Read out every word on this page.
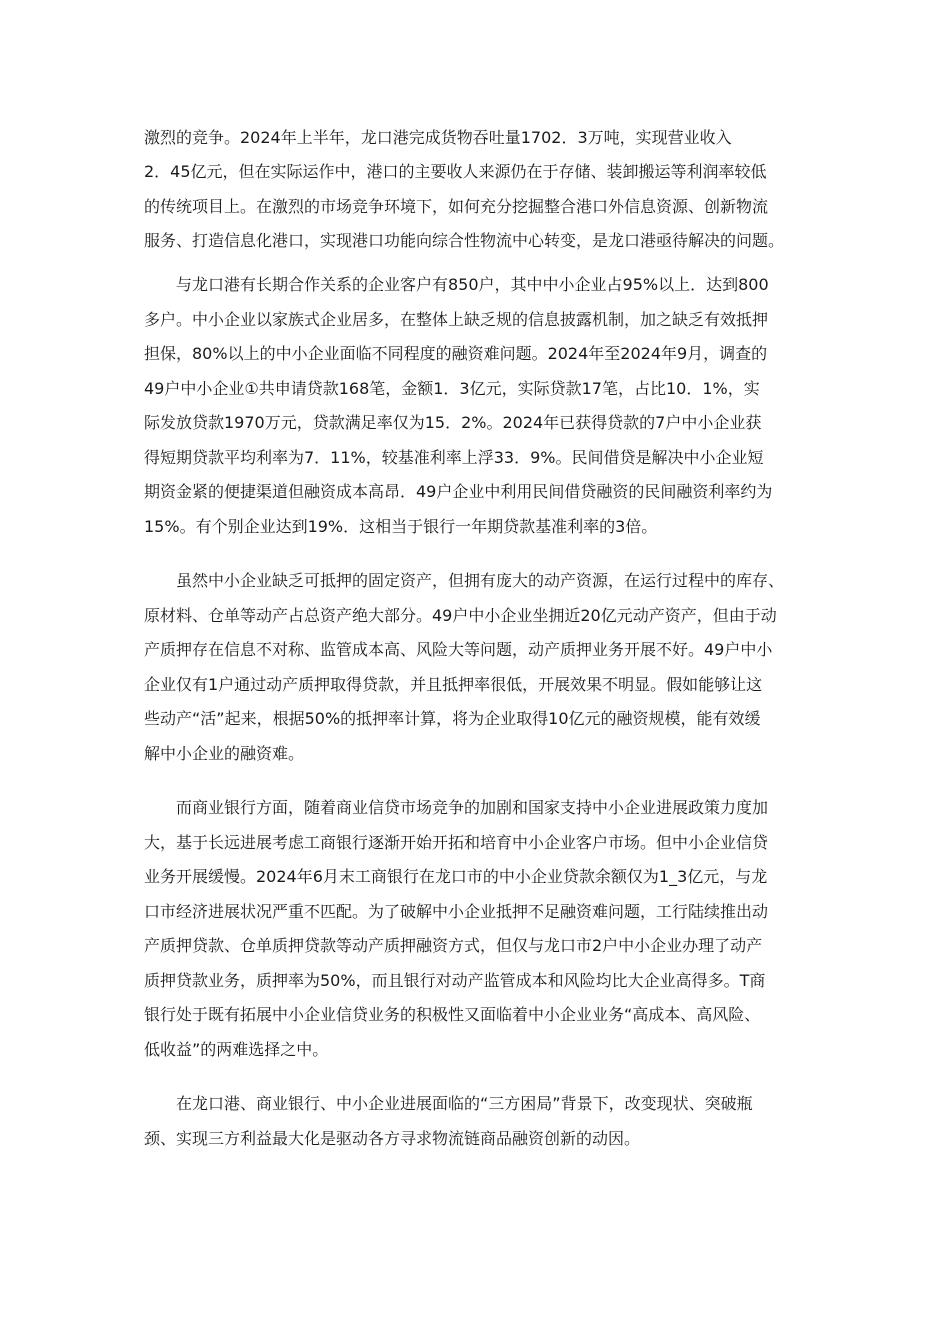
激烈的竞争。2024年上半年，龙口港完成货物吞吐量1702．3万吨，实现营业收入
2．45亿元，但在实际运作中，港口的主要收人来源仍在于存储、装卸搬运等利润率较低
的传统项目上。在激烈的市场竞争环境下，如何充分挖掘整合港口外信息资源、创新物流
服务、打造信息化港口，实现港口功能向综合性物流中心转变，是龙口港亟待解决的问题。
与龙口港有长期合作关系的企业客户有850户，其中中小企业占95%以上．达到800
多户。中小企业以家族式企业居多，在整体上缺乏规的信息披露机制，加之缺乏有效抵押
担保，80%以上的中小企业面临不同程度的融资难问题。2024年至2024年9月，调查的
49户中小企业①共申请贷款168笔，金额1．3亿元，实际贷款17笔，占比10．1%，实
际发放贷款1970万元，贷款满足率仅为15．2%。2024年已获得贷款的7户中小企业获
得短期贷款平均利率为7．11%，较基准利率上浮33．9%。民间借贷是解决中小企业短
期资金紧的便捷渠道但融资成本高昂．49户企业中利用民间借贷融资的民间融资利率约为
15%。有个别企业达到19%．这相当于银行一年期贷款基准利率的3倍。
虽然中小企业缺乏可抵押的固定资产，但拥有庞大的动产资源，在运行过程中的库存、
原材料、仓单等动产占总资产绝大部分。49户中小企业坐拥近20亿元动产资产，但由于动
产质押存在信息不对称、监管成本高、风险大等问题，动产质押业务开展不好。49户中小
企业仅有1户通过动产质押取得贷款，并且抵押率很低，开展效果不明显。假如能够让这
些动产“活”起来，根据50%的抵押率计算，将为企业取得10亿元的融资规模，能有效缓
解中小企业的融资难。
而商业银行方面，随着商业信贷市场竞争的加剧和国家支持中小企业进展政策力度加
大，基于长远进展考虑工商银行逐渐开始开拓和培育中小企业客户市场。但中小企业信贷
业务开展缓慢。2024年6月末工商银行在龙口市的中小企业贷款余额仅为1_3亿元，与龙
口市经济进展状况严重不匹配。为了破解中小企业抵押不足融资难问题，工行陆续推出动
产质押贷款、仓单质押贷款等动产质押融资方式，但仅与龙口市2户中小企业办理了动产
质押贷款业务，质押率为50%，而且银行对动产监管成本和风险均比大企业高得多。T商
银行处于既有拓展中小企业信贷业务的积极性又面临着中小企业业务“高成本、高风险、
低收益”的两难选择之中。
在龙口港、商业银行、中小企业进展面临的“三方困局”背景下，改变现状、突破瓶
颈、实现三方利益最大化是驱动各方寻求物流链商品融资创新的动因。
